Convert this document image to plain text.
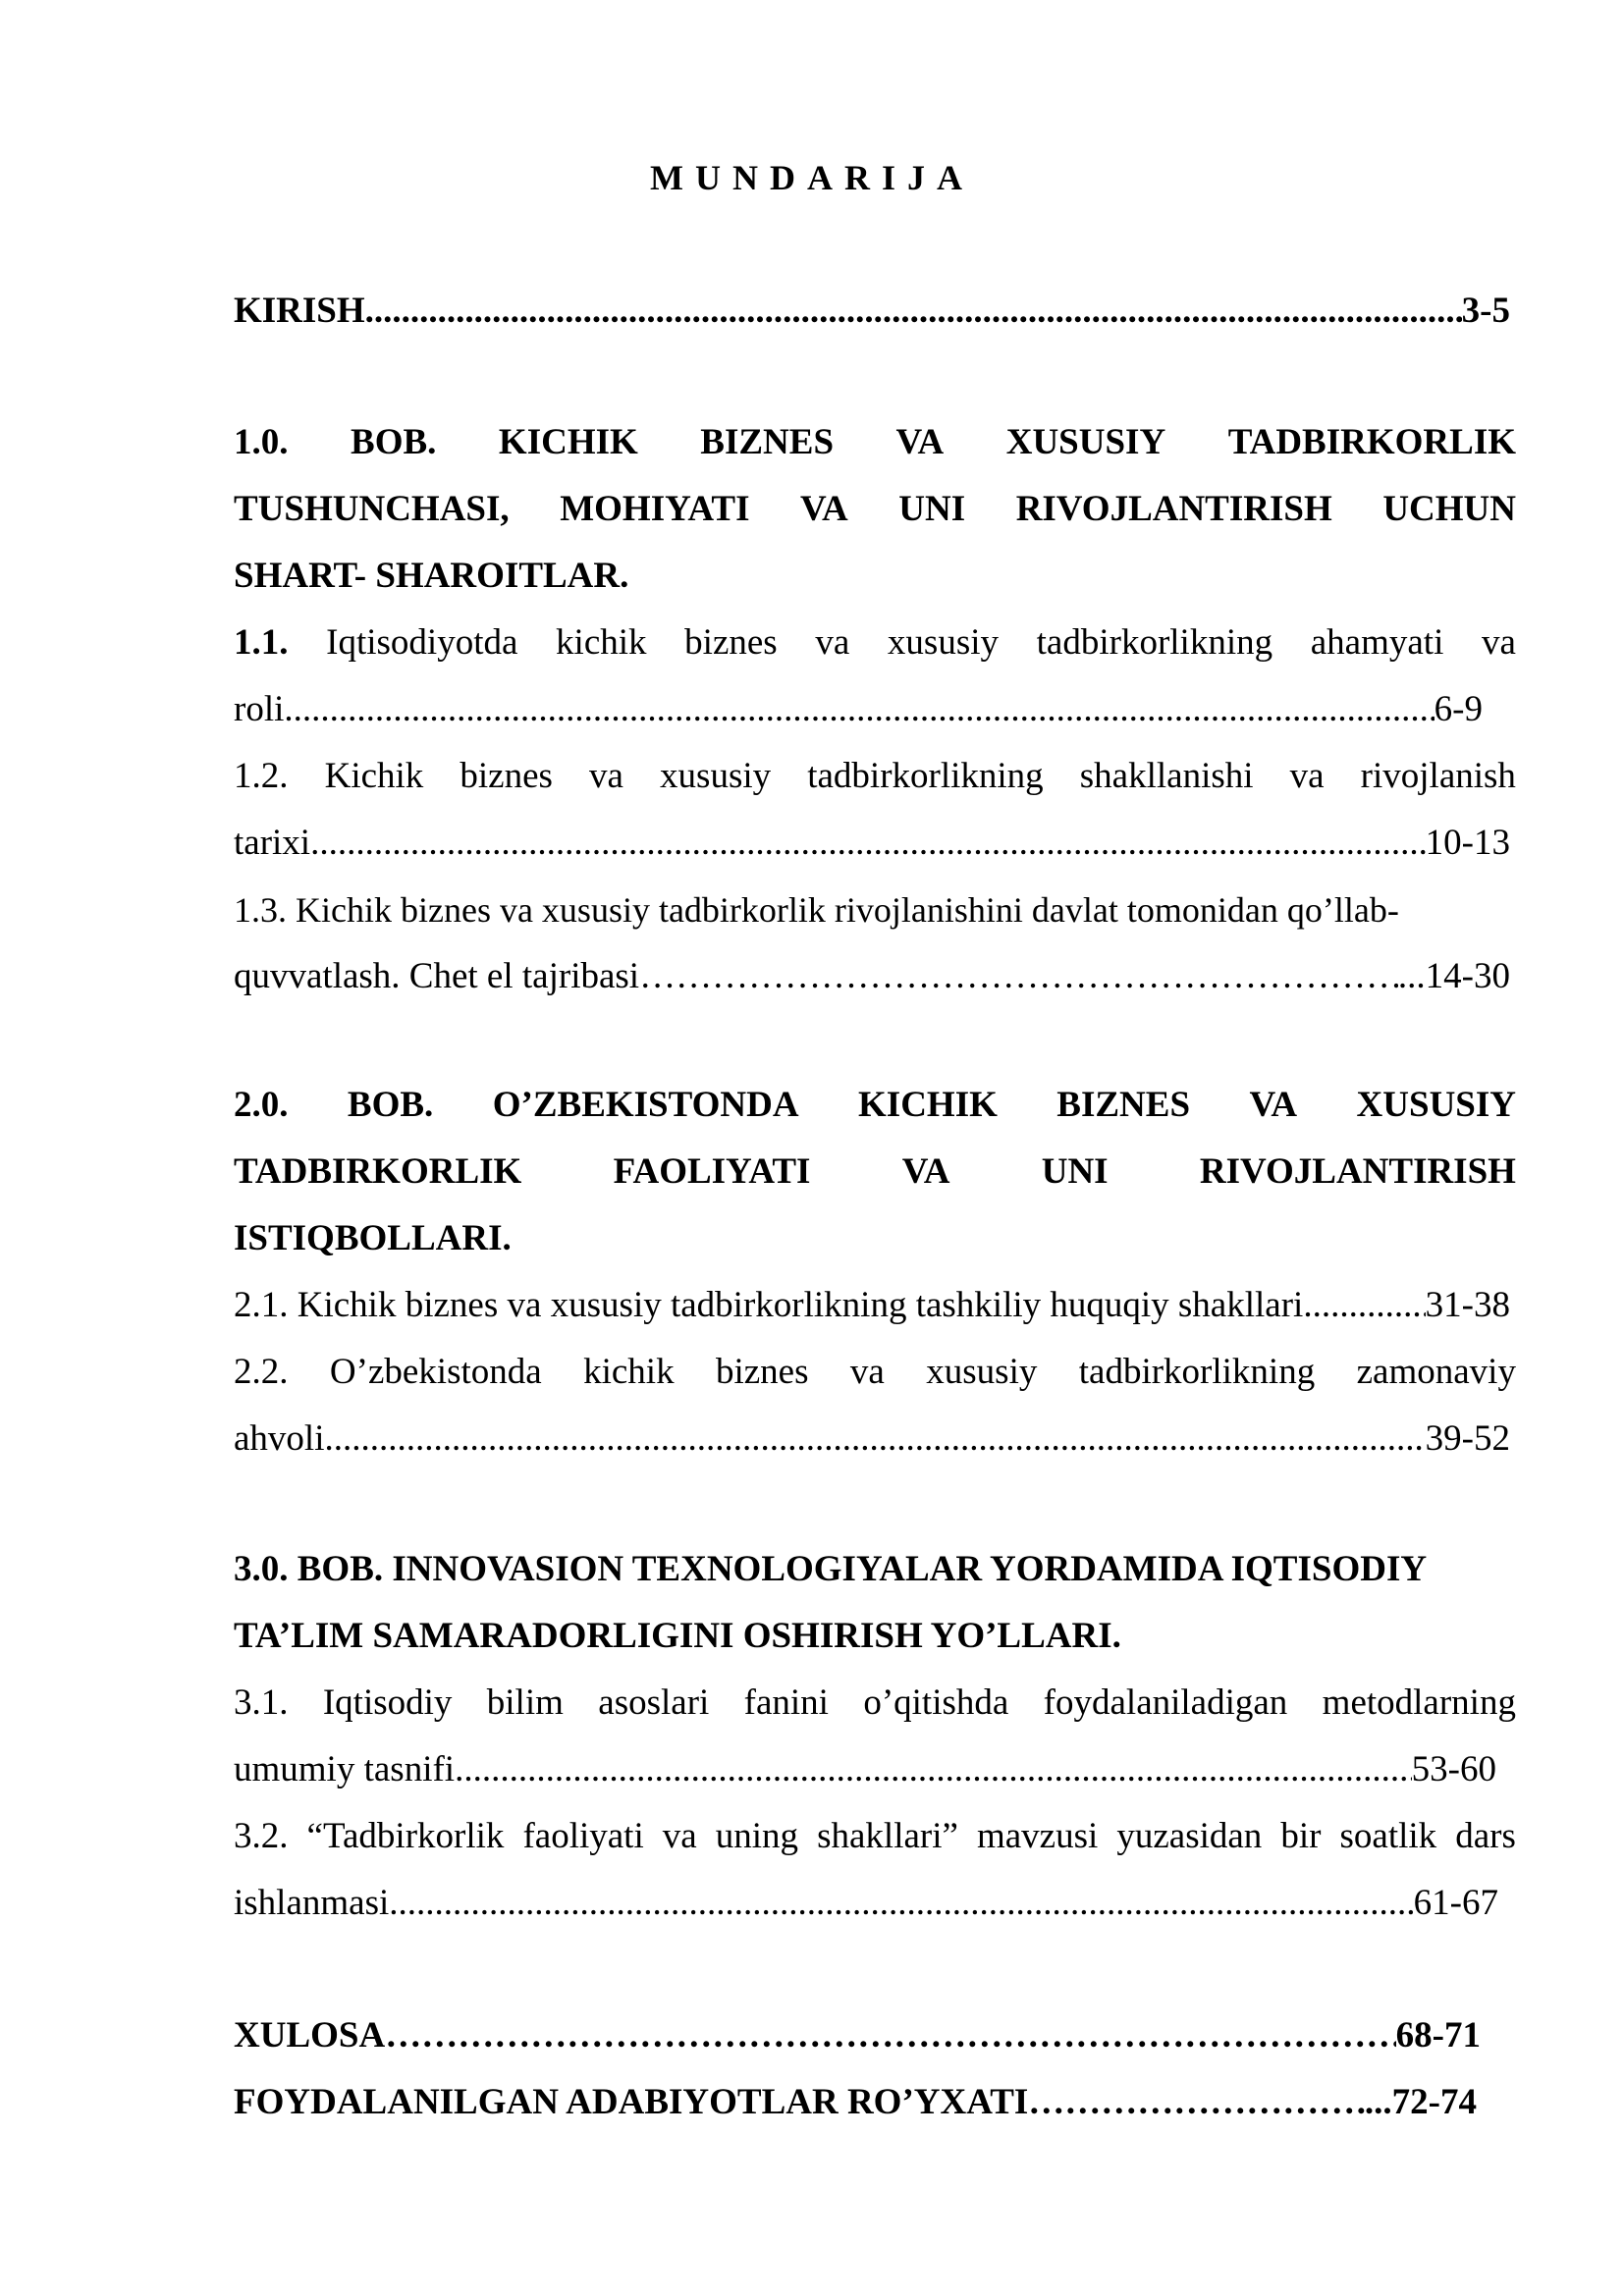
MUNDARIJA
KIRISH .....	3-5
1.0. BOB. KICHIK BIZNES VA XUSUSIY TADBIRKORLIK
TUSHUNCHASI, MOHIYATI VA UNI RIVOJLANTIRISH UCHUN
SHART- SHAROITLAR.
1.1. Iqtisodiyotda kichik biznes va xususiy tadbirkorlikning ahamyati va
roli .....	6-9
1.2. Kichik biznes va xususiy tadbirkorlikning shakllanishi va rivojlanish
tarixi .....	10-13
1.3. Kichik biznes va xususiy tadbirkorlik rivojlanishini davlat tomonidan qo’llab-
quvvatlash. Chet el tajribasi ………………………………………………………………………………………………………………………………………………………………………………………………………………………………	...14-30
2.0. BOB. O’ZBEKISTONDA KICHIK BIZNES VA XUSUSIY
TADBIRKORLIK	FAOLIYATI	VA	UNI	RIVOJLANTIRISH
ISTIQBOLLARI.
2.1. Kichik biznes va xususiy tadbirkorlikning tashkiliy huquqiy shakllari .....	31-38
2.2. O’zbekistonda kichik biznes va xususiy tadbirkorlikning zamonaviy
ahvoli .....	39-52
3.0. BOB. INNOVASION TEXNOLOGIYALAR YORDAMIDA IQTISODIY
TA’LIM SAMARADORLIGINI OSHIRISH YO’LLARI.
3.1. Iqtisodiy bilim asoslari fanini o’qitishda foydalaniladigan metodlarning
umumiy tasnifi .....	53-60
3.2. “Tadbirkorlik faoliyati va uning shakllari” mavzusi yuzasidan bir soatlik dars
ishlanmasi .....	61-67
XULOSA ………………………………………………………………………………………………………………………………………………………………………………………………………………………………	68-71
FOYDALANILGAN ADABIYOTLAR RO’YXATI ………………………………………………………………………………………………………………………………………………………………………………………………………………………………	...72-74
